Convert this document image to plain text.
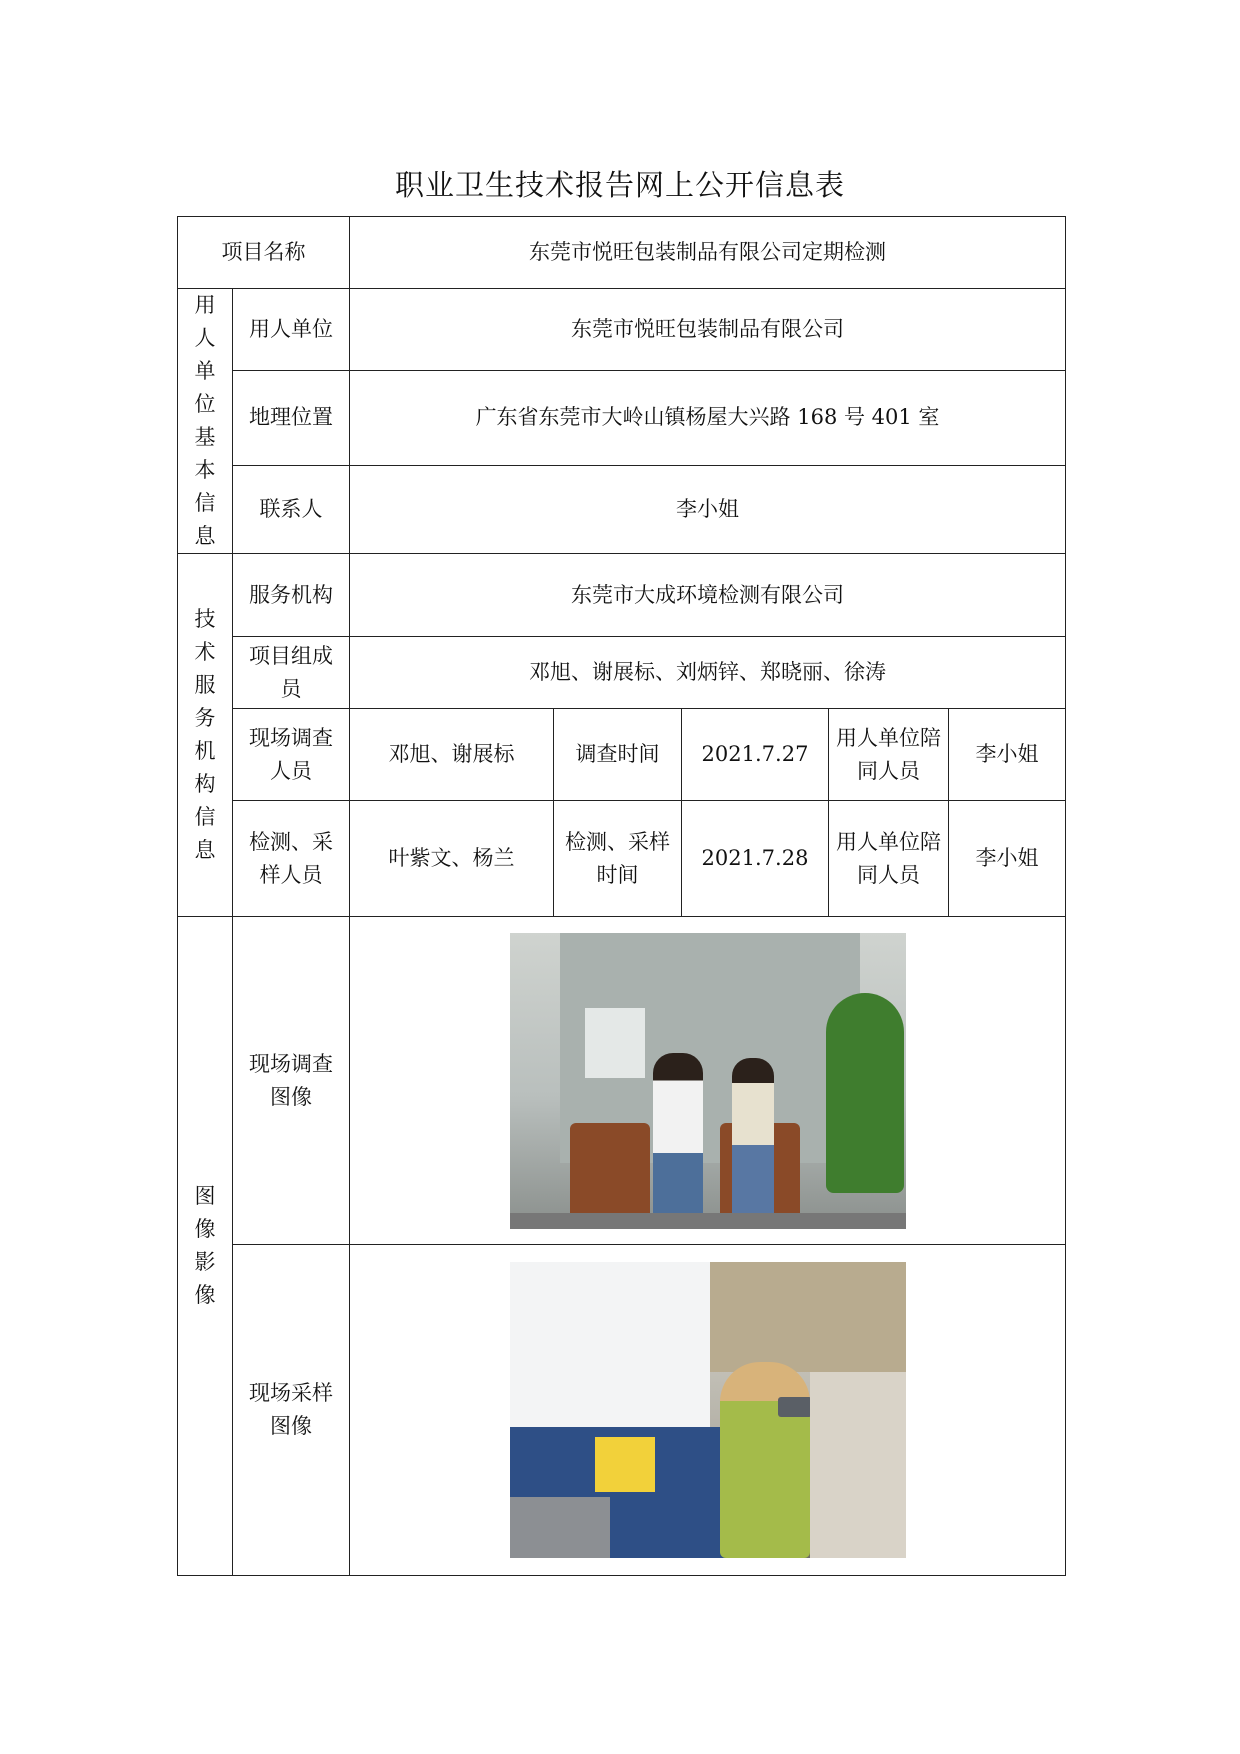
职业卫生技术报告网上公开信息表
项目名称		东莞市悦旺包装制品有限公司定期检测				
用人单位基本信息	用人单位	东莞市悦旺包装制品有限公司				
	地理位置	广东省东莞市大岭山镇杨屋大兴路 168 号 401 室				
	联系人	李小姐				
技术服务机构信息	服务机构	东莞市大成环境检测有限公司				
	项目组成员	邓旭、谢展标、刘炳锌、郑晓丽、徐涛				
	现场调查人员	邓旭、谢展标	调查时间	2021.7.27	用人单位陪同人员	李小姐
	检测、采样人员	叶紫文、杨兰	检测、采样时间	2021.7.28	用人单位陪同人员	李小姐
图像影像	现场调查图像					

	现场采样图像					
